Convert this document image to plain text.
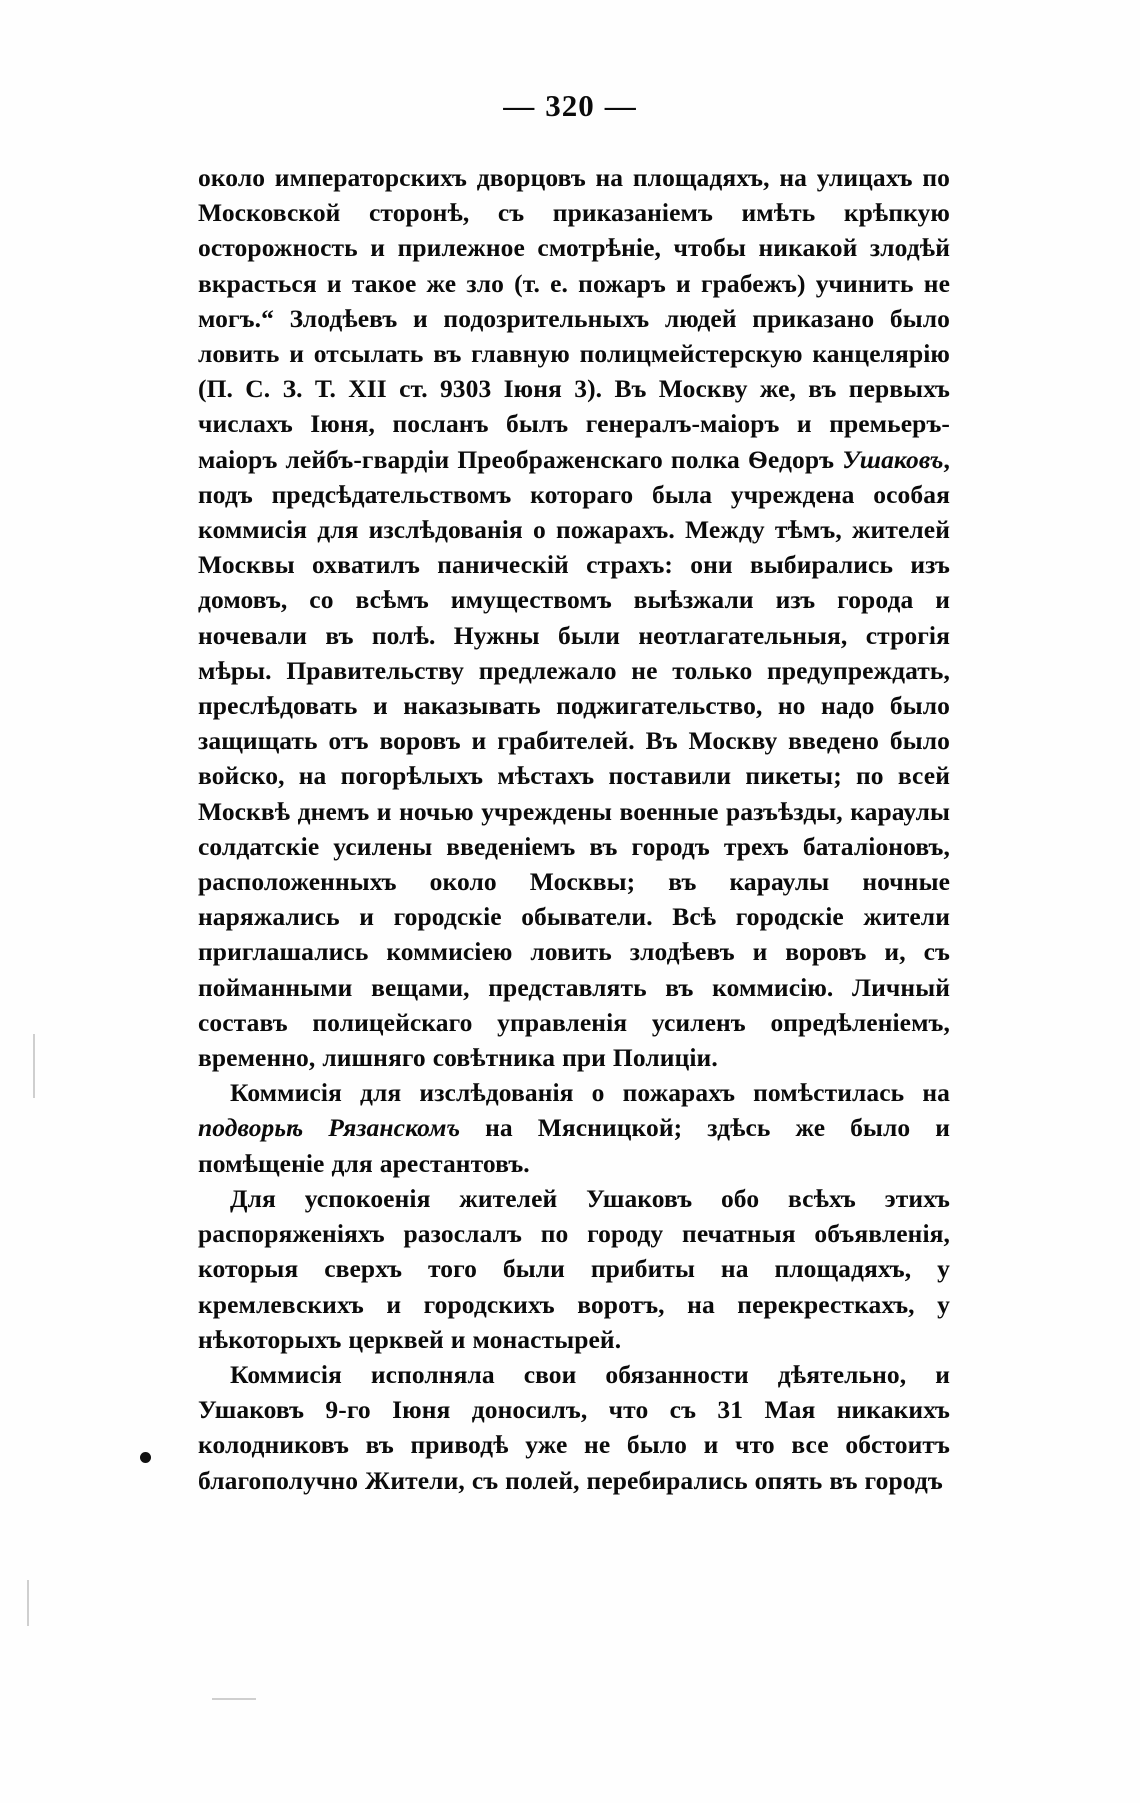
— 320 —

около императорскихъ дворцовъ на площадяхъ, на улицахъ по Московской сторонѣ, съ приказаніемъ имѣть крѣпкую осторожность и прилежное смотрѣніе, чтобы никакой злодѣй вкрасться и такое же зло (т. е. пожаръ и грабежъ) учинить не могъ.“ Злодѣевъ и подозрительныхъ людей приказано было ловить и отсылать въ главную полицмейстерскую канцелярію (П. С. З. Т. XII ст. 9303 Іюня 3). Въ Москву же, въ первыхъ числахъ Іюня, посланъ былъ генералъ-маіоръ и премьеръ-маіоръ лейбъ-гвардіи Преображенскаго полка Ѳедоръ Ушаковъ, подъ предсѣдательствомъ котораго была учреждена особая коммисія для изслѣдованія о пожарахъ. Между тѣмъ, жителей Москвы охватилъ паническій страхъ: они выбирались изъ домовъ, со всѣмъ имуществомъ выѣзжали изъ города и ночевали въ полѣ. Нужны были неотлагательныя, строгія мѣры. Правительству предлежало не только предупреждать, преслѣдовать и наказывать поджигательство, но надо было защищать отъ воровъ и грабителей. Въ Москву введено было войско, на погорѣлыхъ мѣстахъ поставили пикеты; по всей Москвѣ днемъ и ночью учреждены военные разъѣзды, караулы солдатскіе усилены введеніемъ въ городъ трехъ баталіоновъ, расположенныхъ около Москвы; въ караулы ночные наряжались и городскіе обыватели. Всѣ городскіе жители приглашались коммисіею ловить злодѣевъ и воровъ и, съ пойманными вещами, представлять въ коммисію. Личный составъ полицейскаго управленія усиленъ опредѣленіемъ, временно, лишняго совѣтника при Полиціи.

Коммисія для изслѣдованія о пожарахъ помѣстилась на подворьѣ Рязанскомъ на Мясницкой; здѣсь же было и помѣщеніе для арестантовъ.

Для успокоенія жителей Ушаковъ обо всѣхъ этихъ распоряженіяхъ разослалъ по городу печатныя объявленія, которыя сверхъ того были прибиты на площадяхъ, у кремлевскихъ и городскихъ воротъ, на перекресткахъ, у нѣкоторыхъ церквей и монастырей.

Коммисія исполняла свои обязанности дѣятельно, и Ушаковъ 9-го Іюня доносилъ, что съ 31 Мая никакихъ колодниковъ въ приводѣ уже не было и что все обстоитъ благополучно Жители, съ полей, перебирались опять въ городъ
